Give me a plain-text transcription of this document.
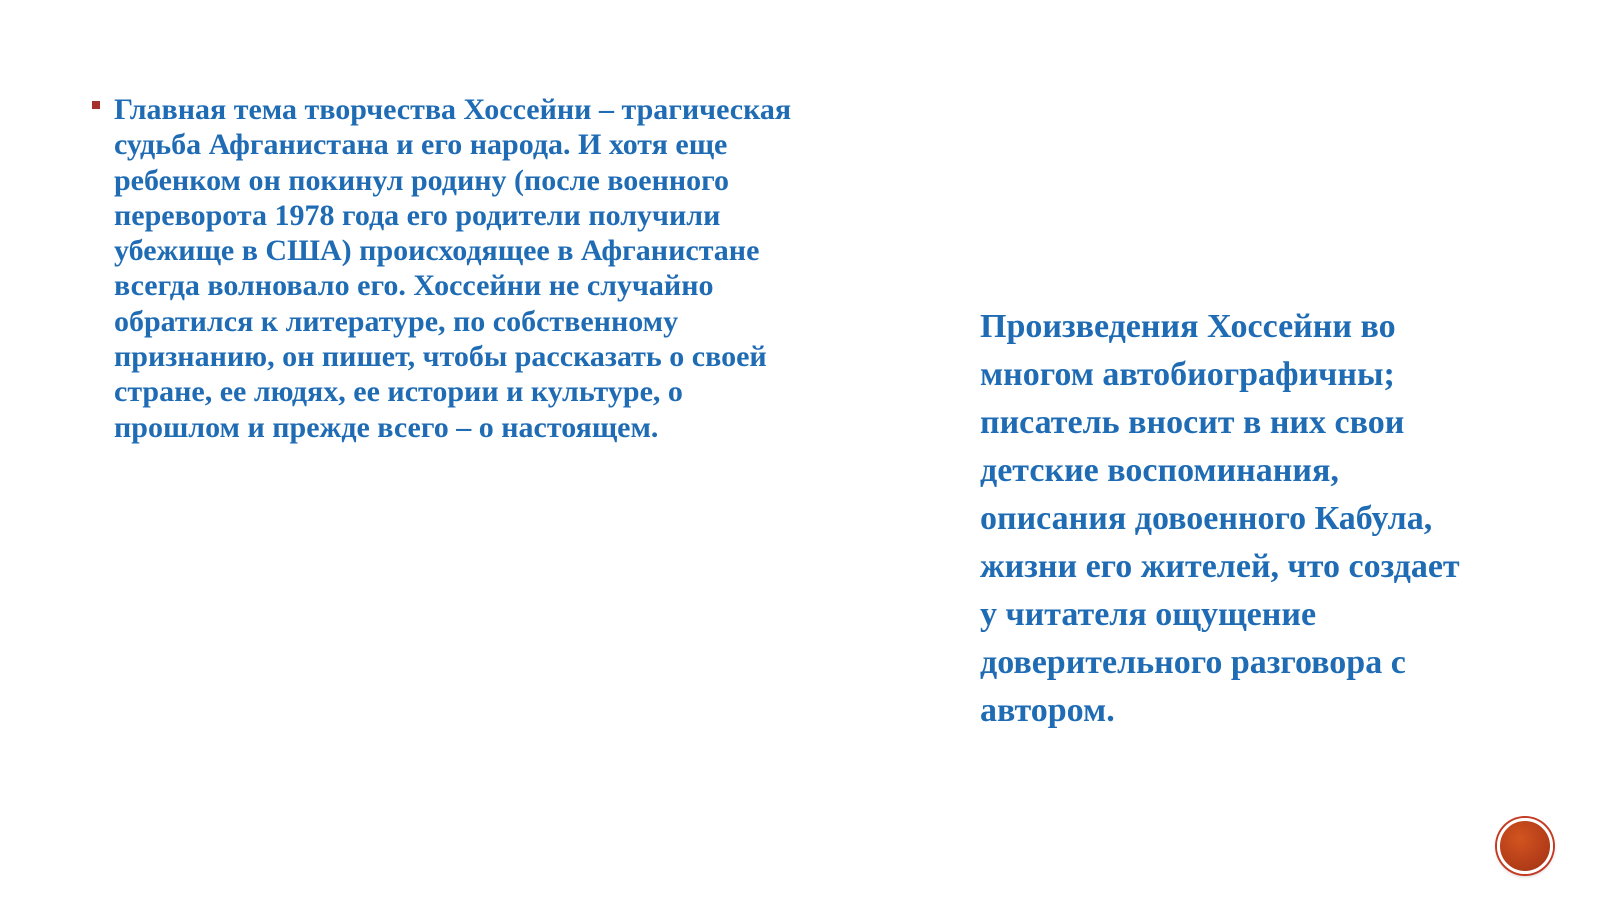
Главная тема творчества Хоссейни – трагическая судьба Афганистана и его народа. И хотя еще ребенком он покинул родину (после военного переворота 1978 года его родители получили убежище в США) происходящее в Афганистане всегда волновало его. Хоссейни не случайно обратился к литературе, по собственному признанию, он пишет, чтобы рассказать о своей стране, ее людях, ее истории и культуре, о прошлом и прежде всего – о настоящем.

Произведения Хоссейни во многом автобиографичны; писатель вносит в них свои детские воспоминания, описания довоенного Кабула, жизни его жителей, что создает у читателя ощущение доверительного разговора с автором.
